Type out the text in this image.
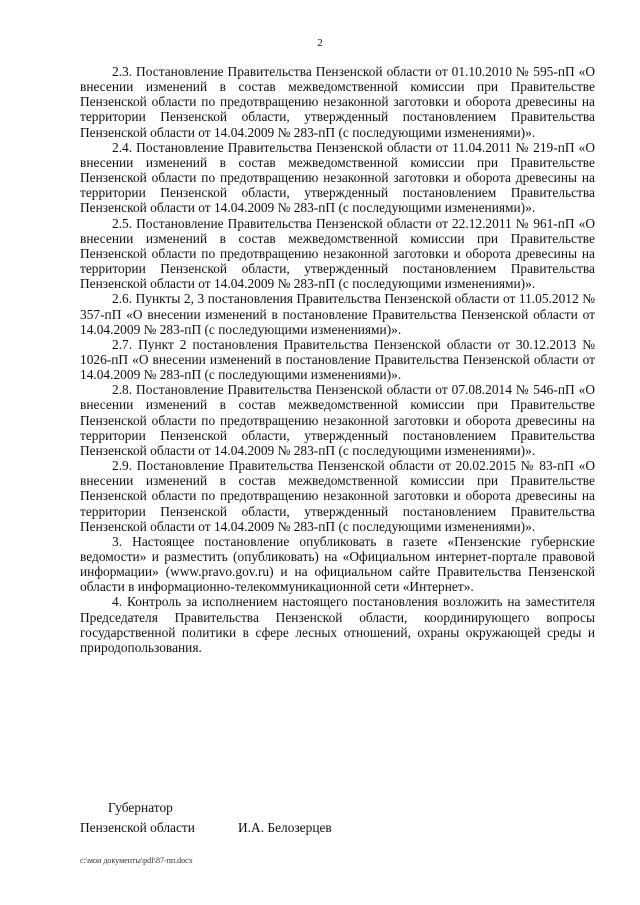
2

2.3. Постановление Правительства Пензенской области от 01.10.2010 № 595-пП «О внесении изменений в состав межведомственной комиссии при Правительстве Пензенской области по предотвращению незаконной заготовки и оборота древесины на территории Пензенской области, утвержденный постановлением Правительства Пензенской области от 14.04.2009 № 283-пП (с последующими изменениями)».

2.4. Постановление Правительства Пензенской области от 11.04.2011 № 219-пП «О внесении изменений в состав межведомственной комиссии при Правительстве Пензенской области по предотвращению незаконной заготовки и оборота древесины на территории Пензенской области, утвержденный постановлением Правительства Пензенской области от 14.04.2009 № 283-пП (с последующими изменениями)».

2.5. Постановление Правительства Пензенской области от 22.12.2011 № 961-пП «О внесении изменений в состав межведомственной комиссии при Правительстве Пензенской области по предотвращению незаконной заготовки и оборота древесины на территории Пензенской области, утвержденный постановлением Правительства Пензенской области от 14.04.2009 № 283-пП (с последующими изменениями)».

2.6. Пункты 2, 3 постановления Правительства Пензенской области от 11.05.2012 № 357-пП «О внесении изменений в постановление Правительства Пензенской области от 14.04.2009 № 283-пП (с последующими изменениями)».

2.7. Пункт 2 постановления Правительства Пензенской области от 30.12.2013 № 1026-пП «О внесении изменений в постановление Правительства Пензенской области от 14.04.2009 № 283-пП (с последующими изменениями)».

2.8. Постановление Правительства Пензенской области от 07.08.2014 № 546-пП «О внесении изменений в состав межведомственной комиссии при Правительстве Пензенской области по предотвращению незаконной заготовки и оборота древесины на территории Пензенской области, утвержденный постановлением Правительства Пензенской области от 14.04.2009 № 283-пП (с последующими изменениями)».

2.9. Постановление Правительства Пензенской области от 20.02.2015 № 83-пП «О внесении изменений в состав межведомственной комиссии при Правительстве Пензенской области по предотвращению незаконной заготовки и оборота древесины на территории Пензенской области, утвержденный постановлением Правительства Пензенской области от 14.04.2009 № 283-пП (с последующими изменениями)».

3. Настоящее постановление опубликовать в газете «Пензенские губернские ведомости» и разместить (опубликовать) на «Официальном интернет-портале правовой информации» (www.pravo.gov.ru) и на официальном сайте Правительства Пензенской области в информационно-телекоммуникационной сети «Интернет».

4. Контроль за исполнением настоящего постановления возложить на заместителя Председателя Правительства Пензенской области, координирующего вопросы государственной политики в сфере лесных отношений, охраны окружающей среды и природопользования.

Губернатор
Пензенской области	И.А. Белозерцев
c:\мои документы\pdf\87-пп.docx
